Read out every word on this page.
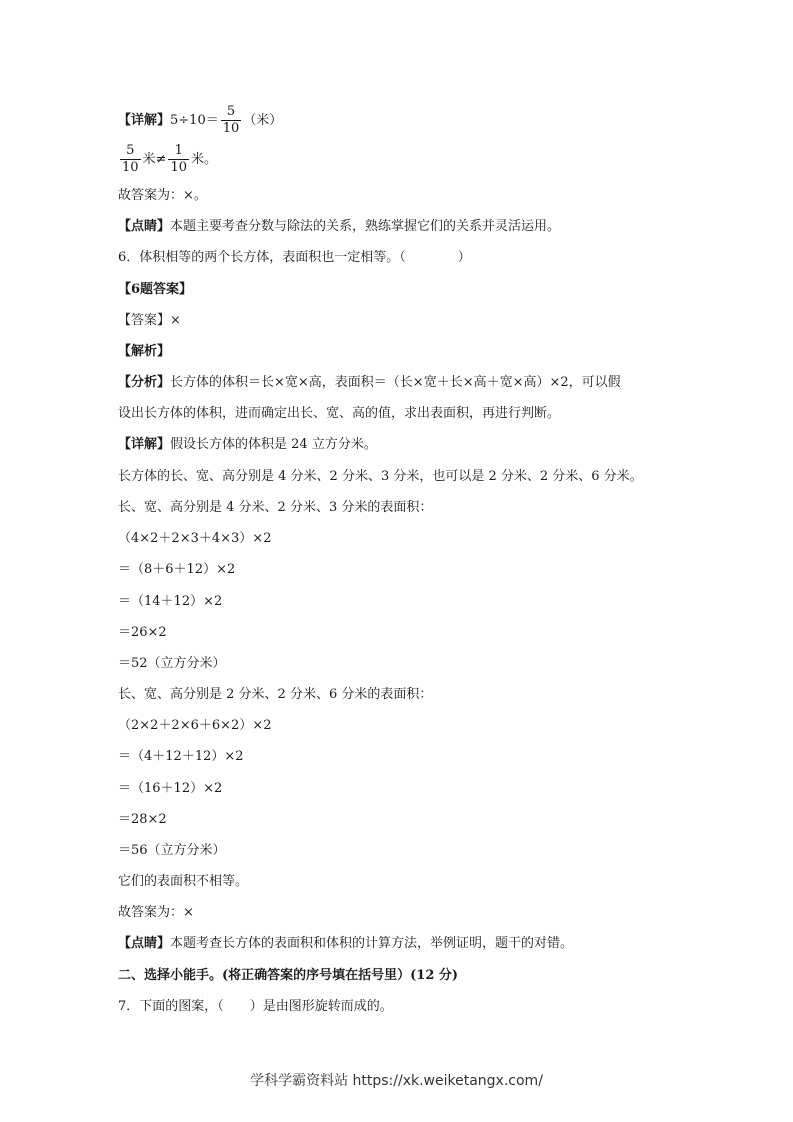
【详解】$5\div 10= \frac{5}{10}$ （米）
$\frac{5}{10}$ 米≠ $\frac{1}{10}$ 米。
故答案为：×。
【点睛】本题主要考查分数与除法的关系，熟练掌握它们的关系并灵活运用。
6．体积相等的两个长方体，表面积也一定相等。（　　　　）
【6题答案】
【答案】×
【解析】
【分析】长方体的体积＝长×宽×高，表面积＝（长×宽＋长×高＋宽×高）×2，可以假
设出长方体的体积，进而确定出长、宽、高的值，求出表面积，再进行判断。
【详解】假设长方体的体积是 24 立方分米。
长方体的长、宽、高分别是 4 分米、2 分米、3 分米，也可以是 2 分米、2 分米、6 分米。
长、宽、高分别是 4 分米、2 分米、3 分米的表面积：
（4×2＋2×3＋4×3）×2
＝（8＋6＋12）×2
＝（14＋12）×2
＝26×2
＝52（立方分米）
长、宽、高分别是 2 分米、2 分米、6 分米的表面积：
（2×2＋2×6＋6×2）×2
＝（4＋12＋12）×2
＝（16＋12）×2
＝28×2
＝56（立方分米）
它们的表面积不相等。
故答案为：×
【点睛】本题考查长方体的表面积和体积的计算方法，举例证明，题干的对错。
二、选择小能手。(将正确答案的序号填在括号里）(12 分)
7．下面的图案，（　　）是由图形旋转而成的。
学科学霸资料站 https://xk.weiketangx.com/
